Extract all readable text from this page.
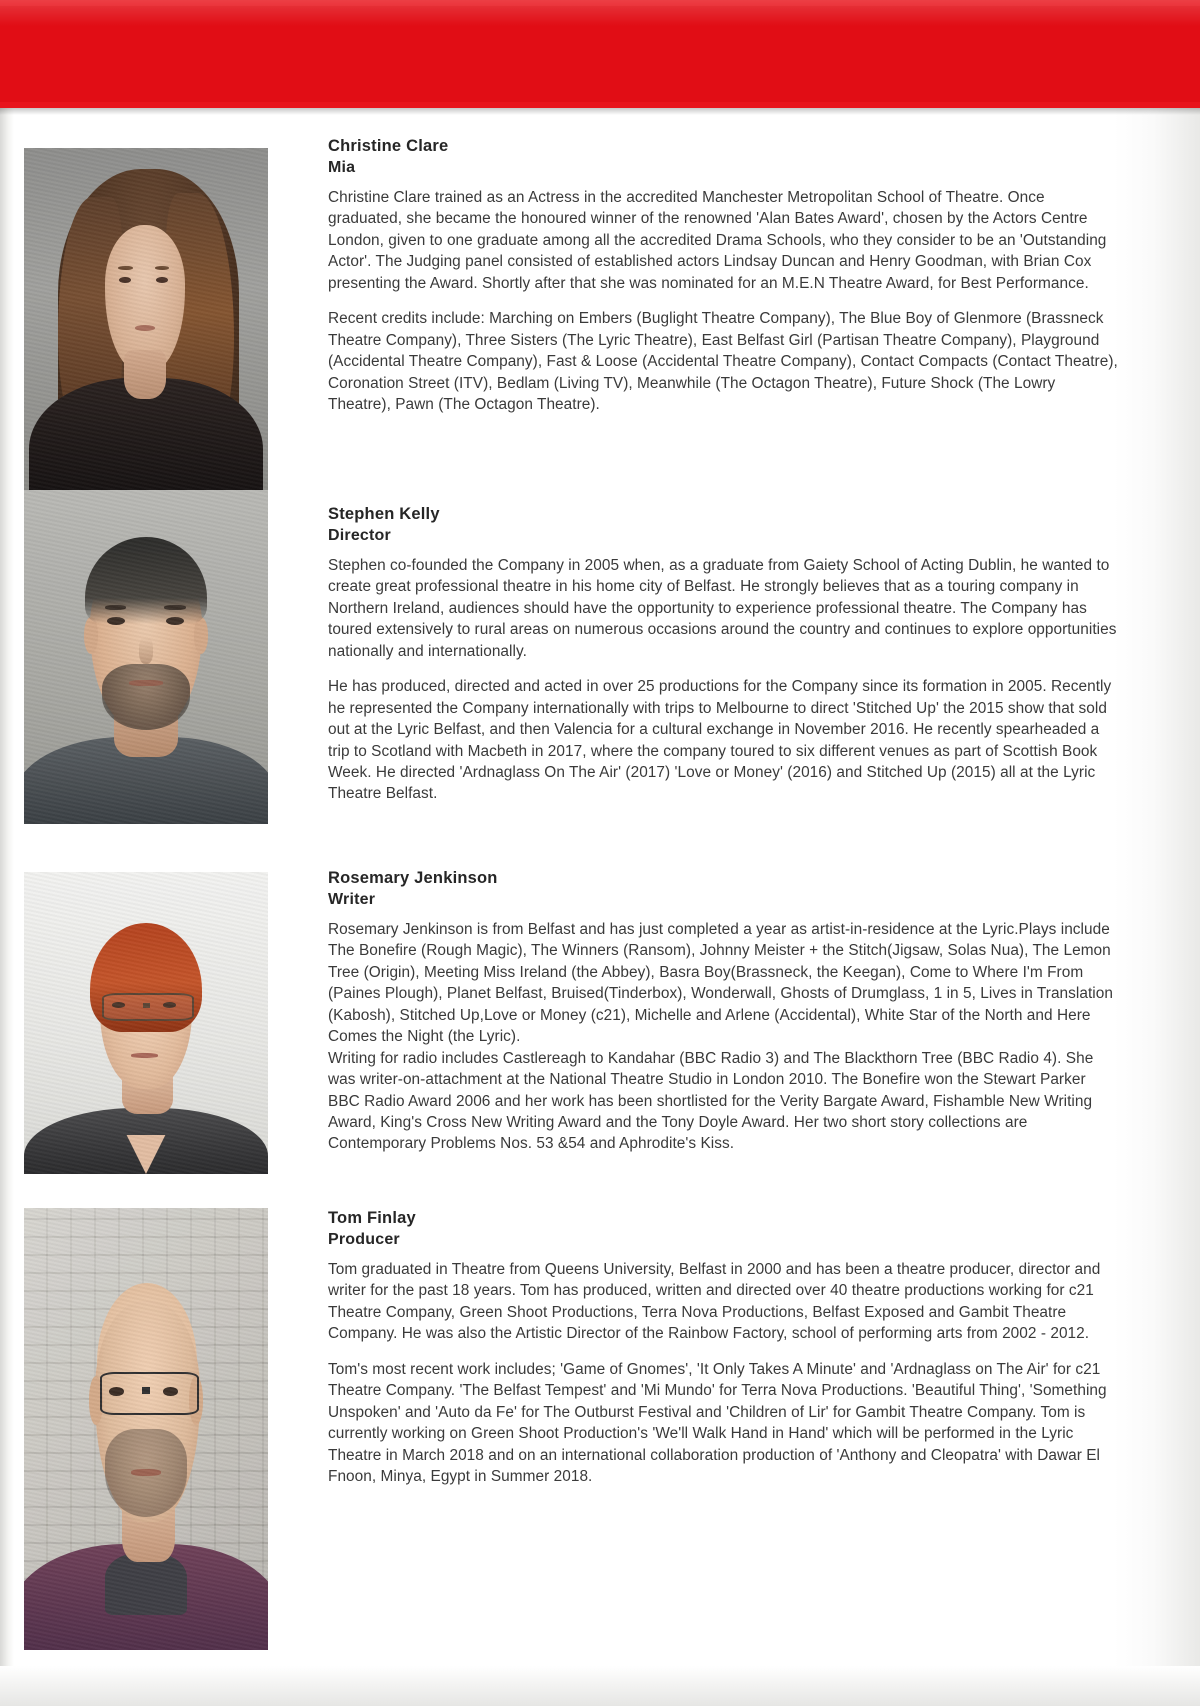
Christine Clare
Mia

Christine Clare trained as an Actress in the accredited Manchester Metropolitan School of Theatre. Once graduated, she became the honoured winner of the renowned 'Alan Bates Award', chosen by the Actors Centre London, given to one graduate among all the accredited Drama Schools, who they consider to be an 'Outstanding Actor'. The Judging panel consisted of established actors Lindsay Duncan and Henry Goodman, with Brian Cox presenting the Award. Shortly after that she was nominated for an M.E.N Theatre Award, for Best Performance.

Recent credits include: Marching on Embers (Buglight Theatre Company), The Blue Boy of Glenmore (Brassneck Theatre Company), Three Sisters (The Lyric Theatre), East Belfast Girl (Partisan Theatre Company), Playground (Accidental Theatre Company), Fast & Loose (Accidental Theatre Company), Contact Compacts (Contact Theatre), Coronation Street (ITV), Bedlam (Living TV), Meanwhile (The Octagon Theatre), Future Shock (The Lowry Theatre), Pawn (The Octagon Theatre).

Stephen Kelly
Director

Stephen co-founded the Company in 2005 when, as a graduate from Gaiety School of Acting Dublin, he wanted to create great professional theatre in his home city of Belfast. He strongly believes that as a touring company in Northern Ireland, audiences should have the opportunity to experience professional theatre. The Company has toured extensively to rural areas on numerous occasions around the country and continues to explore opportunities nationally and internationally.

He has produced, directed and acted in over 25 productions for the Company since its formation in 2005. Recently he represented the Company internationally with trips to Melbourne to direct 'Stitched Up' the 2015 show that sold out at the Lyric Belfast, and then Valencia for a cultural exchange in November 2016. He recently spearheaded a trip to Scotland with Macbeth in 2017, where the company toured to six different venues as part of Scottish Book Week. He directed 'Ardnaglass On The Air' (2017) 'Love or Money' (2016) and Stitched Up (2015) all at the Lyric Theatre Belfast.

Rosemary Jenkinson
Writer

Rosemary Jenkinson is from Belfast and has just completed a year as artist-in-residence at the Lyric.Plays include The Bonefire (Rough Magic), The Winners (Ransom), Johnny Meister + the Stitch(Jigsaw, Solas Nua), The Lemon Tree (Origin), Meeting Miss Ireland (the Abbey), Basra Boy(Brassneck, the Keegan), Come to Where I'm From (Paines Plough), Planet Belfast, Bruised(Tinderbox), Wonderwall, Ghosts of Drumglass, 1 in 5, Lives in Translation (Kabosh), Stitched Up,Love or Money (c21), Michelle and Arlene (Accidental), White Star of the North and Here Comes the Night (the Lyric).

Writing for radio includes Castlereagh to Kandahar (BBC Radio 3) and The Blackthorn Tree (BBC Radio 4). She was writer-on-attachment at the National Theatre Studio in London 2010. The Bonefire won the Stewart Parker BBC Radio Award 2006 and her work has been shortlisted for the Verity Bargate Award, Fishamble New Writing Award, King's Cross New Writing Award and the Tony Doyle Award. Her two short story collections are Contemporary Problems Nos. 53 &54 and Aphrodite's Kiss.

Tom Finlay
Producer

Tom graduated in Theatre from Queens University, Belfast in 2000 and has been a theatre producer, director and writer for the past 18 years. Tom has produced, written and directed over 40 theatre productions working for c21 Theatre Company, Green Shoot Productions, Terra Nova Productions, Belfast Exposed and Gambit Theatre Company. He was also the Artistic Director of the Rainbow Factory, school of performing arts from 2002 - 2012.

Tom's most recent work includes; 'Game of Gnomes', 'It Only Takes A Minute' and 'Ardnaglass on The Air' for c21 Theatre Company. 'The Belfast Tempest' and 'Mi Mundo' for Terra Nova Productions. 'Beautiful Thing', 'Something Unspoken' and 'Auto da Fe' for The Outburst Festival and 'Children of Lir' for Gambit Theatre Company. Tom is currently working on Green Shoot Production's 'We'll Walk Hand in Hand' which will be performed in the Lyric Theatre in March 2018 and on an international collaboration production of 'Anthony and Cleopatra' with Dawar El Fnoon, Minya, Egypt in Summer 2018.
